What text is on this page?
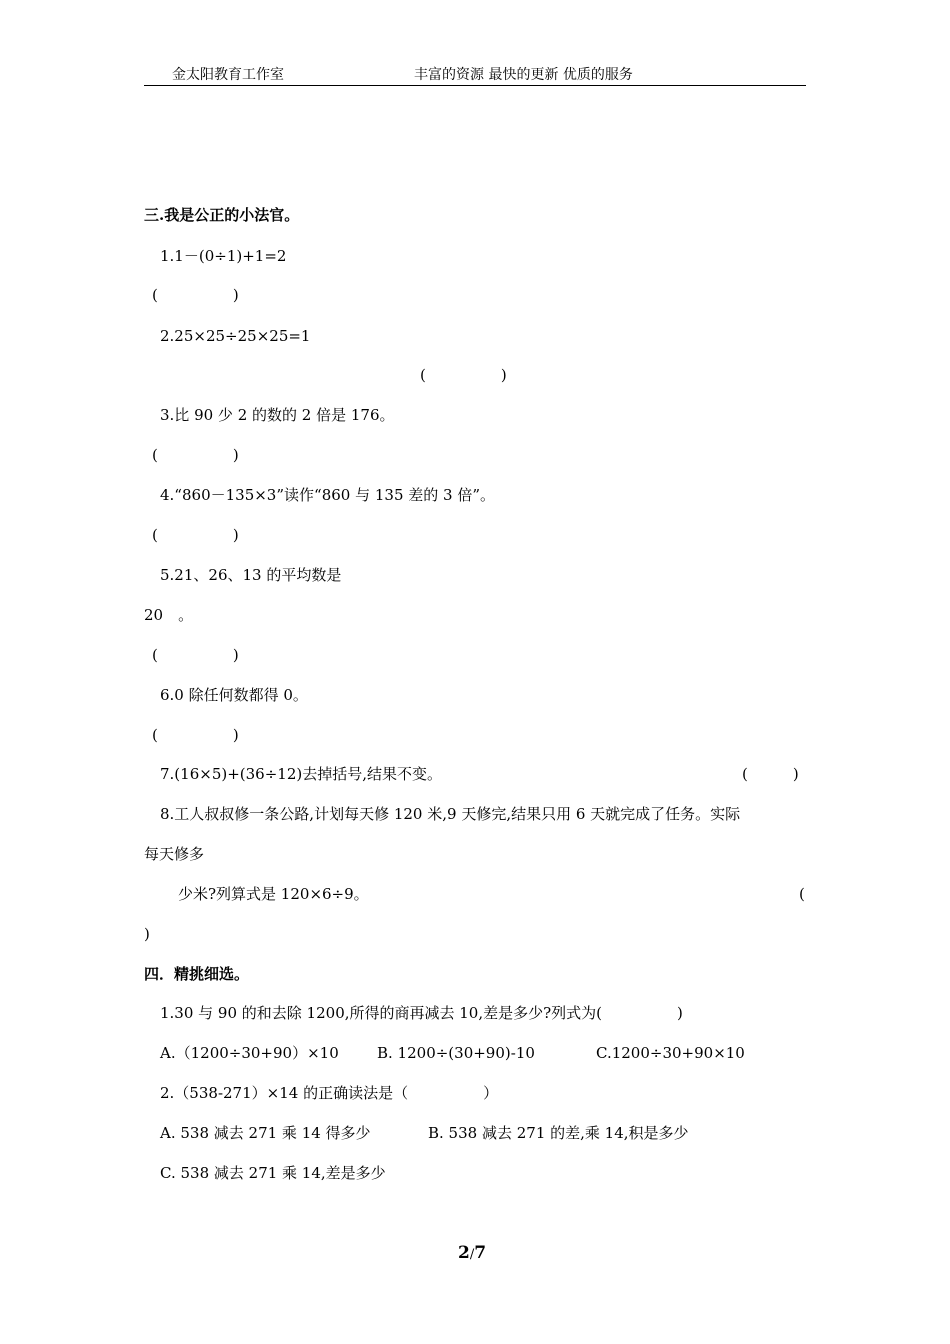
金太阳教育工作室	丰富的资源 最快的更新 优质的服务
三.我是公正的小法官。
1.1－(0÷1)+1=2
(　　　　　)
2.25×25÷25×25=1
(　　　　　)
3.比 90 少 2 的数的 2 倍是 176。
(　　　　　)
4.“860－135×3”读作“860 与 135 差的 3 倍”。
(　　　　　)
5.21、26、13 的平均数是
20　。
(　　　　　)
6.0 除任何数都得 0。
(　　　　　)
7.(16×5)+(36÷12)去掉括号,结果不变。	(　　　)
8.工人叔叔修一条公路,计划每天修 120 米,9 天修完,结果只用 6 天就完成了任务。实际
每天修多
少米?列算式是 120×6÷9。	(
)
四．精挑细选。
1.30 与 90 的和去除 1200,所得的商再减去 10,差是多少?列式为(　　　　　)
A.（1200÷30+90）×10	B. 1200÷(30+90)-10	C.1200÷30+90×10
2.（538-271）×14 的正确读法是（　　　　　）
A. 538 减去 271 乘 14 得多少	B. 538 减去 271 的差,乘 14,积是多少
C. 538 减去 271 乘 14,差是多少
2/7
